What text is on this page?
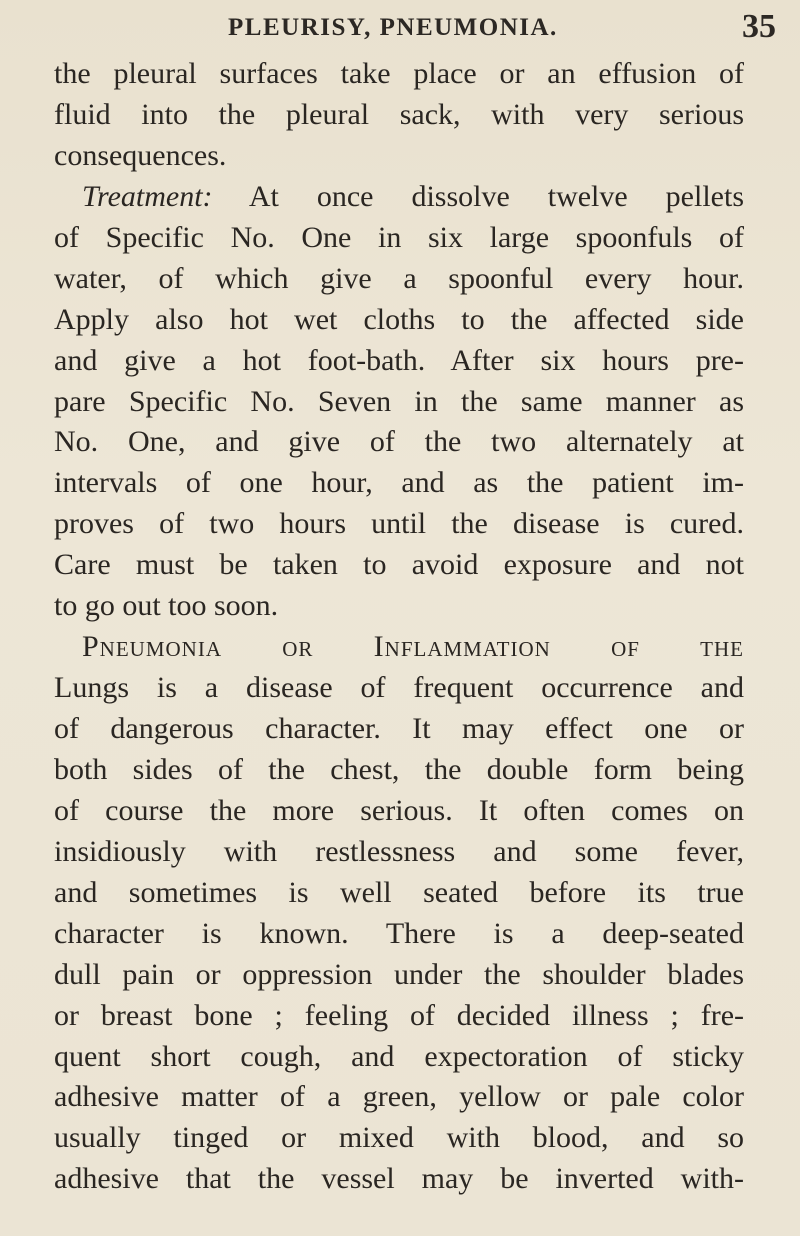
PLEURISY, PNEUMONIA.	35
the pleural surfaces take place or an effusion of
fluid into the pleural sack, with very serious
consequences.
Treatment: At once dissolve twelve pellets
of Specific No. One in six large spoonfuls of
water, of which give a spoonful every hour.
Apply also hot wet cloths to the affected side
and give a hot foot-bath. After six hours pre-
pare Specific No. Seven in the same manner as
No. One, and give of the two alternately at
intervals of one hour, and as the patient im-
proves of two hours until the disease is cured.
Care must be taken to avoid exposure and not
to go out too soon.
Pneumonia or Inflammation of the
Lungs is a disease of frequent occurrence and
of dangerous character. It may effect one or
both sides of the chest, the double form being
of course the more serious. It often comes on
insidiously with restlessness and some fever,
and sometimes is well seated before its true
character is known. There is a deep-seated
dull pain or oppression under the shoulder blades
or breast bone ; feeling of decided illness ; fre-
quent short cough, and expectoration of sticky
adhesive matter of a green, yellow or pale color
usually tinged or mixed with blood, and so
adhesive that the vessel may be inverted with-
